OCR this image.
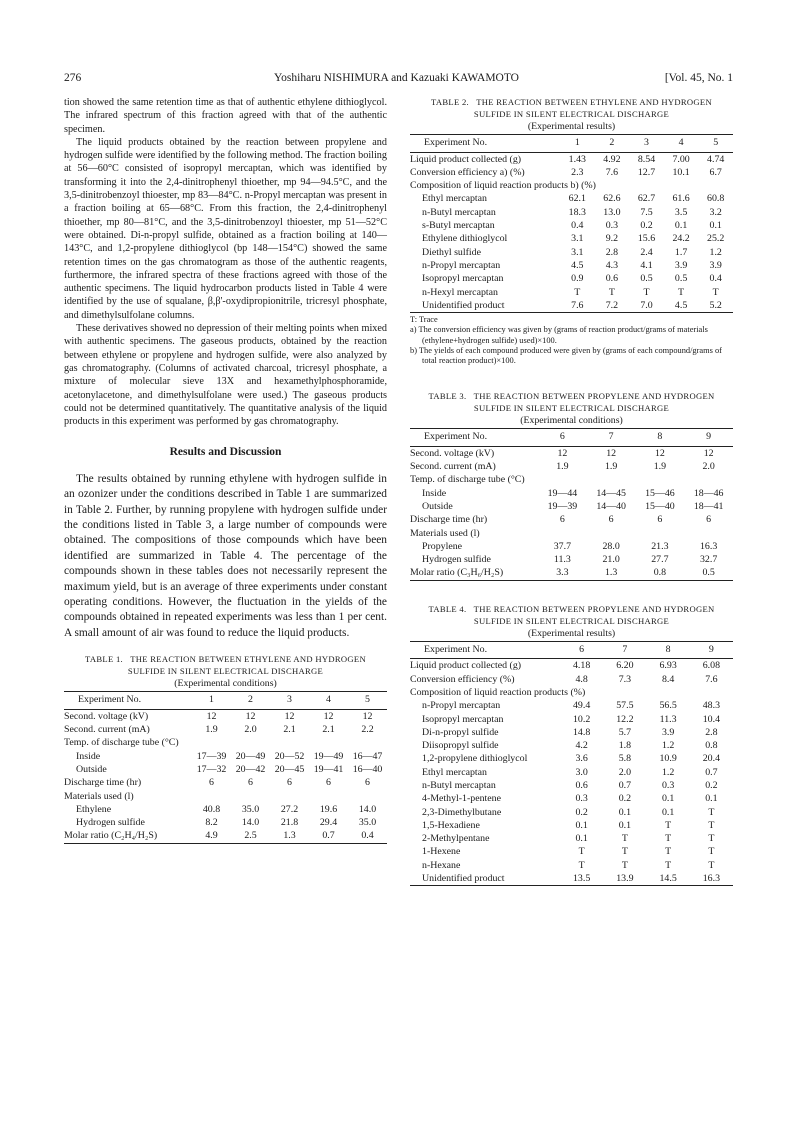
276	Yoshiharu NISHIMURA and Kazuaki KAWAMOTO	[Vol. 45, No. 1

tion showed the same retention time as that of authentic ethylene dithioglycol. The infrared spectrum of this fraction agreed with that of the authentic specimen.

The liquid products obtained by the reaction between propylene and hydrogen sulfide were identified by the following method. The fraction boiling at 56—60°C consisted of isopropyl mercaptan, which was identified by transforming it into the 2,4-dinitrophenyl thioether, mp 94—94.5°C, and the 3,5-dinitrobenzoyl thioester, mp 83—84°C. n-Propyl mercaptan was present in a fraction boiling at 65—68°C. From this fraction, the 2,4-dinitrophenyl thioether, mp 80—81°C, and the 3,5-dinitrobenzoyl thioester, mp 51—52°C were obtained. Di-n-propyl sulfide, obtained as a fraction boiling at 140—143°C, and 1,2-propylene dithioglycol (bp 148—154°C) showed the same retention times on the gas chromatogram as those of the authentic reagents, furthermore, the infrared spectra of these fractions agreed with those of the authentic specimens. The liquid hydrocarbon products listed in Table 4 were identified by the use of squalane, β,β'-oxydipropionitrile, tricresyl phosphate, and dimethylsulfolane columns.

These derivatives showed no depression of their melting points when mixed with authentic specimens. The gaseous products, obtained by the reaction between ethylene or propylene and hydrogen sulfide, were also analyzed by gas chromatography. (Columns of activated charcoal, tricresyl phosphate, a mixture of molecular sieve 13X and hexamethylphosphoramide, acetonylacetone, and dimethylsulfolane were used.) The gaseous products could not be determined quantitatively. The quantitative analysis of the liquid products in this experiment was performed by gas chromatography.

Results and Discussion

The results obtained by running ethylene with hydrogen sulfide in an ozonizer under the conditions described in Table 1 are summarized in Table 2. Further, by running propylene with hydrogen sulfide under the conditions listed in Table 3, a large number of compounds were obtained. The compositions of those compounds which have been identified are summarized in Table 4. The percentage of the compounds shown in these tables does not necessarily represent the maximum yield, but is an average of three experiments under constant operating conditions. However, the fluctuation in the yields of the compounds obtained in repeated experiments was less than 1 per cent. A small amount of air was found to reduce the liquid products.

TABLE 1. THE REACTION BETWEEN ETHYLENE AND HYDROGEN
SULFIDE IN SILENT ELECTRICAL DISCHARGE
(Experimental conditions)
Experiment No.	1	2	3	4	5
Second. voltage (kV)	12	12	12	12	12
Second. current (mA)	1.9	2.0	2.1	2.1	2.2
Temp. of discharge tube (°C)					
Inside	17—39	20—49	20—52	19—49	16—47
Outside	17—32	20—42	20—45	19—41	16—40
Discharge time (hr)	6	6	6	6	6
Materials used (l)					
Ethylene	40.8	35.0	27.2	19.6	14.0
Hydrogen sulfide	8.2	14.0	21.8	29.4	35.0
Molar ratio (C₂H₄/H₂S)	4.9	2.5	1.3	0.7	0.4
TABLE 2. THE REACTION BETWEEN ETHYLENE AND HYDROGEN
SULFIDE IN SILENT ELECTRICAL DISCHARGE
(Experimental results)
Experiment No.	1	2	3	4	5
Liquid product collected (g)	1.43	4.92	8.54	7.00	4.74
Conversion efficiency a) (%)	2.3	7.6	12.7	10.1	6.7
Composition of liquid reaction products b) (%)					
Ethyl mercaptan	62.1	62.6	62.7	61.6	60.8
n-Butyl mercaptan	18.3	13.0	7.5	3.5	3.2
s-Butyl mercaptan	0.4	0.3	0.2	0.1	0.1
Ethylene dithioglycol	3.1	9.2	15.6	24.2	25.2
Diethyl sulfide	3.1	2.8	2.4	1.7	1.2
n-Propyl mercaptan	4.5	4.3	4.1	3.9	3.9
Isopropyl mercaptan	0.9	0.6	0.5	0.5	0.4
n-Hexyl mercaptan	T	T	T	T	T
Unidentified product	7.6	7.2	7.0	4.5	5.2
T: Trace
a) The conversion efficiency was given by (grams of reaction product/grams of materials (ethylene+hydrogen sulfide) used)×100.
b) The yields of each compound produced were given by (grams of each compound/grams of total reaction product)×100.
TABLE 3. THE REACTION BETWEEN PROPYLENE AND HYDROGEN
SULFIDE IN SILENT ELECTRICAL DISCHARGE
(Experimental conditions)
Experiment No.	6	7	8	9
Second. voltage (kV)	12	12	12	12
Second. current (mA)	1.9	1.9	1.9	2.0
Temp. of discharge tube (°C)				
Inside	19—44	14—45	15—46	18—46
Outside	19—39	14—40	15—40	18—41
Discharge time (hr)	6	6	6	6
Materials used (l)				
Propylene	37.7	28.0	21.3	16.3
Hydrogen sulfide	11.3	21.0	27.7	32.7
Molar ratio (C₃H₆/H₂S)	3.3	1.3	0.8	0.5
TABLE 4. THE REACTION BETWEEN PROPYLENE AND HYDROGEN
SULFIDE IN SILENT ELECTRICAL DISCHARGE
(Experimental results)
Experiment No.	6	7	8	9
Liquid product collected (g)	4.18	6.20	6.93	6.08
Conversion efficiency (%)	4.8	7.3	8.4	7.6
Composition of liquid reaction products (%)				
n-Propyl mercaptan	49.4	57.5	56.5	48.3
Isopropyl mercaptan	10.2	12.2	11.3	10.4
Di-n-propyl sulfide	14.8	5.7	3.9	2.8
Diisopropyl sulfide	4.2	1.8	1.2	0.8
1,2-propylene dithioglycol	3.6	5.8	10.9	20.4
Ethyl mercaptan	3.0	2.0	1.2	0.7
n-Butyl mercaptan	0.6	0.7	0.3	0.2
4-Methyl-1-pentene	0.3	0.2	0.1	0.1
2,3-Dimethylbutane	0.2	0.1	0.1	T
1,5-Hexadiene	0.1	0.1	T	T
2-Methylpentane	0.1	T	T	T
1-Hexene	T	T	T	T
n-Hexane	T	T	T	T
Unidentified product	13.5	13.9	14.5	16.3
